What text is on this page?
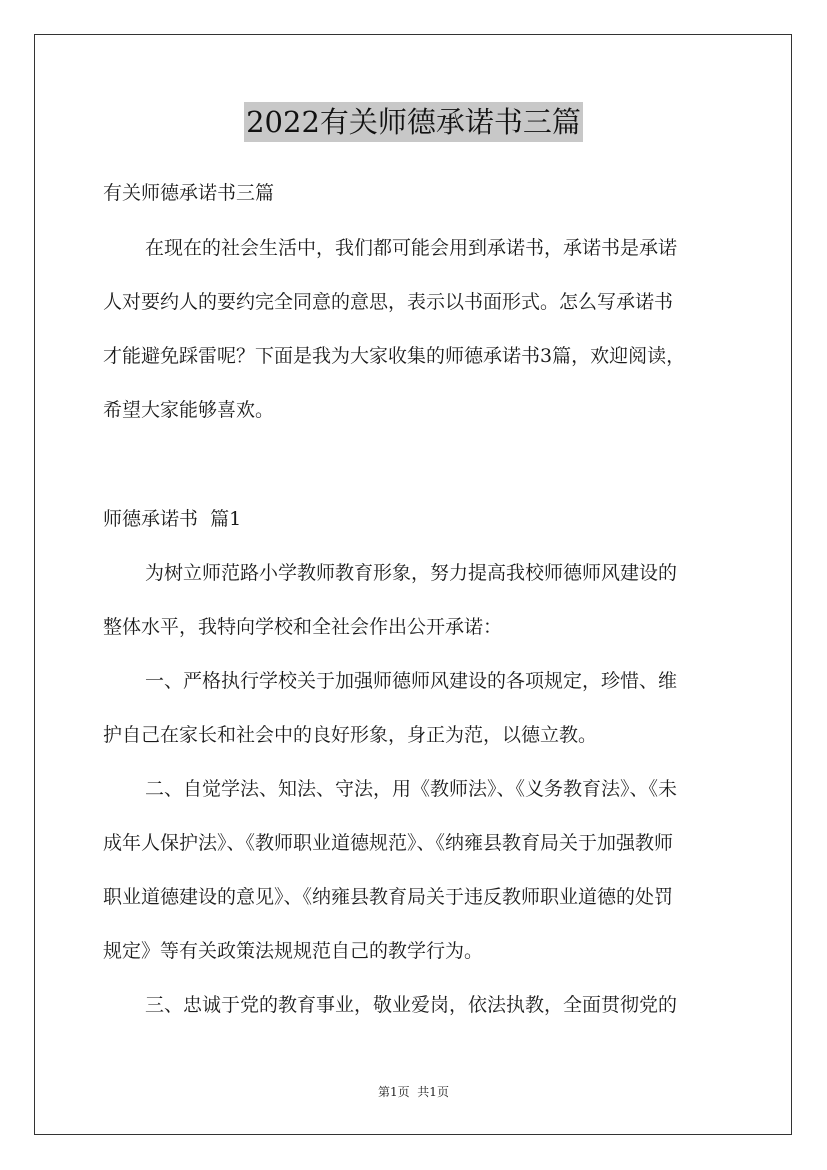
2022有关师德承诺书三篇
有关师德承诺书三篇
在现在的社会生活中，我们都可能会用到承诺书，承诺书是承诺
人对要约人的要约完全同意的意思，表示以书面形式。怎么写承诺书
才能避免踩雷呢？下面是我为大家收集的师德承诺书3篇，欢迎阅读，
希望大家能够喜欢。
师德承诺书  篇1
为树立师范路小学教师教育形象，努力提高我校师德师风建设的
整体水平，我特向学校和全社会作出公开承诺：
一、严格执行学校关于加强师德师风建设的各项规定，珍惜、维
护自己在家长和社会中的良好形象，身正为范，以德立教。
二、自觉学法、知法、守法，用《教师法》、《义务教育法》、《未
成年人保护法》、《教师职业道德规范》、《纳雍县教育局关于加强教师
职业道德建设的意见》、《纳雍县教育局关于违反教师职业道德的处罚
规定》等有关政策法规规范自己的教学行为。
三、忠诚于党的教育事业，敬业爱岗，依法执教，全面贯彻党的
第1页  共1页
